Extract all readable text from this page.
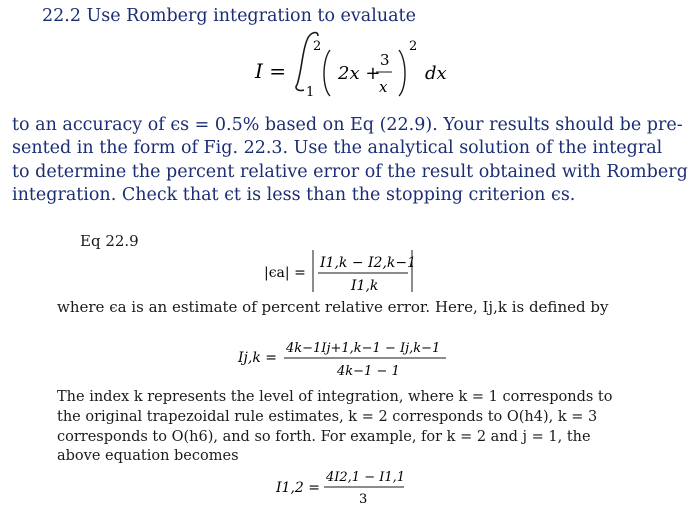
22.2 Use Romberg integration to evaluate
I =
2
1
2x +
3
x
2
dx
to an accuracy of ϵs = 0.5% based on Eq (22.9). Your results should be pre-
sented in the form of Fig. 22.3. Use the analytical solution of the integral
to determine the percent relative error of the result obtained with Romberg
integration. Check that ϵt is less than the stopping criterion ϵs.
Eq 22.9
|ϵa| =
I1,k − I2,k−1
I1,k
where ϵa is an estimate of percent relative error. Here, Ij,k is defined by
Ij,k =
4k−1Ij+1,k−1 − Ij,k−1
4k−1 − 1
The index k represents the level of integration, where k = 1 corresponds to
the original trapezoidal rule estimates, k = 2 corresponds to O(h4), k = 3
corresponds to O(h6), and so forth. For example, for k = 2 and j = 1, the
above equation becomes
I1,2 =
4I2,1 − I1,1
3
